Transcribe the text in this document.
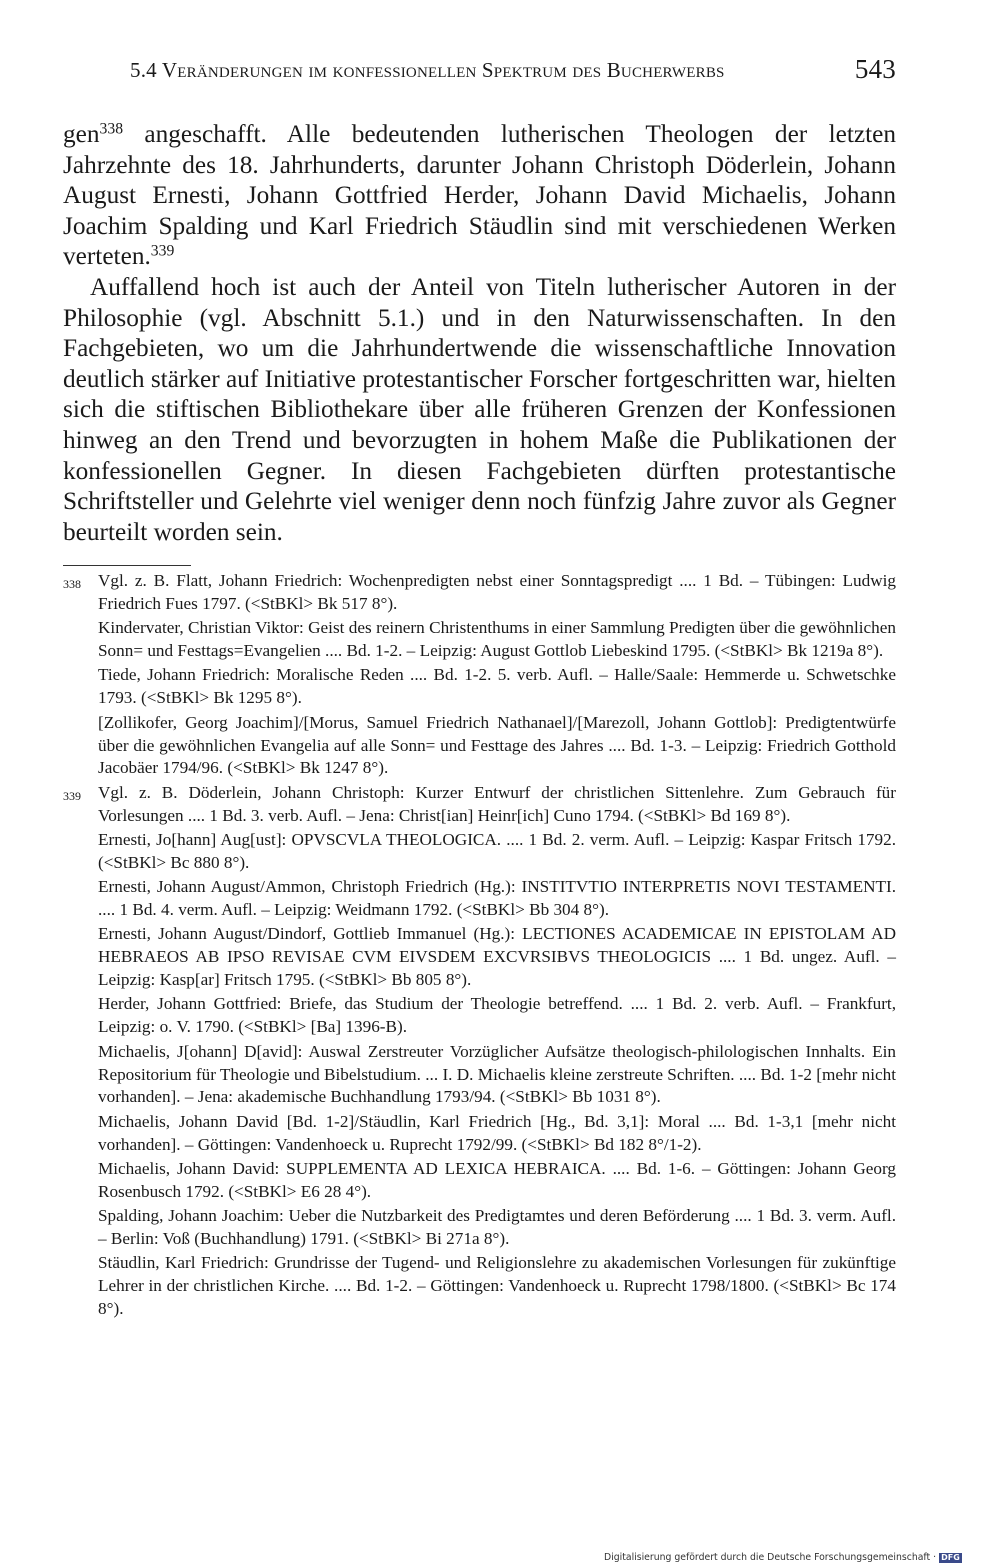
5.4 Veränderungen im konfessionellen Spektrum des Bucherwerbs	543

gen$^{338}$ angeschafft. Alle bedeutenden lutherischen Theologen der letzten Jahrzehnte des 18. Jahrhunderts, darunter Johann Christoph Döderlein, Johann August Ernesti, Johann Gottfried Herder, Johann David Michaelis, Johann Joachim Spalding und Karl Friedrich Stäudlin sind mit verschiedenen Werken verteten.$^{339}$

Auffallend hoch ist auch der Anteil von Titeln lutherischer Autoren in der Philosophie (vgl. Abschnitt 5.1.) und in den Naturwissenschaften. In den Fachgebieten, wo um die Jahrhundertwende die wissenschaftliche Innovation deutlich stärker auf Initiative protestantischer Forscher fortgeschritten war, hielten sich die stiftischen Bibliothekare über alle früheren Grenzen der Konfessionen hinweg an den Trend und bevorzugten in hohem Maße die Publikationen der konfessionellen Gegner. In diesen Fachgebieten dürften protestantische Schriftsteller und Gelehrte viel weniger denn noch fünfzig Jahre zuvor als Gegner beurteilt worden sein.

338 Vgl. z. B. Flatt, Johann Friedrich: Wochenpredigten nebst einer Sonntagspredigt .... 1 Bd. – Tübingen: Ludwig Friedrich Fues 1797. (<StBKl> Bk 517 8°).
Kindervater, Christian Viktor: Geist des reinern Christenthums in einer Sammlung Predigten über die gewöhnlichen Sonn= und Festtags=Evangelien .... Bd. 1-2. – Leipzig: August Gottlob Liebeskind 1795. (<StBKl> Bk 1219a 8°).
Tiede, Johann Friedrich: Moralische Reden .... Bd. 1-2. 5. verb. Aufl. – Halle/Saale: Hemmerde u. Schwetschke 1793. (<StBKl> Bk 1295 8°).
[Zollikofer, Georg Joachim]/[Morus, Samuel Friedrich Nathanael]/[Marezoll, Johann Gottlob]: Predigtentwürfe über die gewöhnlichen Evangelia auf alle Sonn= und Festtage des Jahres .... Bd. 1-3. – Leipzig: Friedrich Gotthold Jacobäer 1794/96. (<StBKl> Bk 1247 8°).
339 Vgl. z. B. Döderlein, Johann Christoph: Kurzer Entwurf der christlichen Sittenlehre. Zum Gebrauch für Vorlesungen .... 1 Bd. 3. verb. Aufl. – Jena: Christ[ian] Heinr[ich] Cuno 1794. (<StBKl> Bd 169 8°).
Ernesti, Jo[hann] Aug[ust]: OPVSCVLA THEOLOGICA. .... 1 Bd. 2. verm. Aufl. – Leipzig: Kaspar Fritsch 1792. (<StBKl> Bc 880 8°).
Ernesti, Johann August/Ammon, Christoph Friedrich (Hg.): INSTITVTIO INTERPRETIS NOVI TESTAMENTI. .... 1 Bd. 4. verm. Aufl. – Leipzig: Weidmann 1792. (<StBKl> Bb 304 8°).
Ernesti, Johann August/Dindorf, Gottlieb Immanuel (Hg.): LECTIONES ACADEMICAE IN EPISTOLAM AD HEBRAEOS AB IPSO REVISAE CVM EIVSDEM EXCVRSIBVS THEOLOGICIS .... 1 Bd. ungez. Aufl. – Leipzig: Kasp[ar] Fritsch 1795. (<StBKl> Bb 805 8°).
Herder, Johann Gottfried: Briefe, das Studium der Theologie betreffend. .... 1 Bd. 2. verb. Aufl. – Frankfurt, Leipzig: o. V. 1790. (<StBKl> [Ba] 1396-B).
Michaelis, J[ohann] D[avid]: Auswal Zerstreuter Vorzüglicher Aufsätze theologisch-philologischen Innhalts. Ein Repositorium für Theologie und Bibelstudium. ... I. D. Michaelis kleine zerstreute Schriften. .... Bd. 1-2 [mehr nicht vorhanden]. – Jena: akademische Buchhandlung 1793/94. (<StBKl> Bb 1031 8°).
Michaelis, Johann David [Bd. 1-2]/Stäudlin, Karl Friedrich [Hg., Bd. 3,1]: Moral .... Bd. 1-3,1 [mehr nicht vorhanden]. – Göttingen: Vandenhoeck u. Ruprecht 1792/99. (<StBKl> Bd 182 8°/1-2).
Michaelis, Johann David: SUPPLEMENTA AD LEXICA HEBRAICA. .... Bd. 1-6. – Göttingen: Johann Georg Rosenbusch 1792. (<StBKl> E6 28 4°).
Spalding, Johann Joachim: Ueber die Nutzbarkeit des Predigtamtes und deren Beförderung .... 1 Bd. 3. verm. Aufl. – Berlin: Voß (Buchhandlung) 1791. (<StBKl> Bi 271a 8°).
Stäudlin, Karl Friedrich: Grundrisse der Tugend- und Religionslehre zu akademischen Vorlesungen für zukünftige Lehrer in der christlichen Kirche. .... Bd. 1-2. – Göttingen: Vandenhoeck u. Ruprecht 1798/1800. (<StBKl> Bc 174 8°).
Digitalisierung gefördert durch die Deutsche Forschungsgemeinschaft · DFG
